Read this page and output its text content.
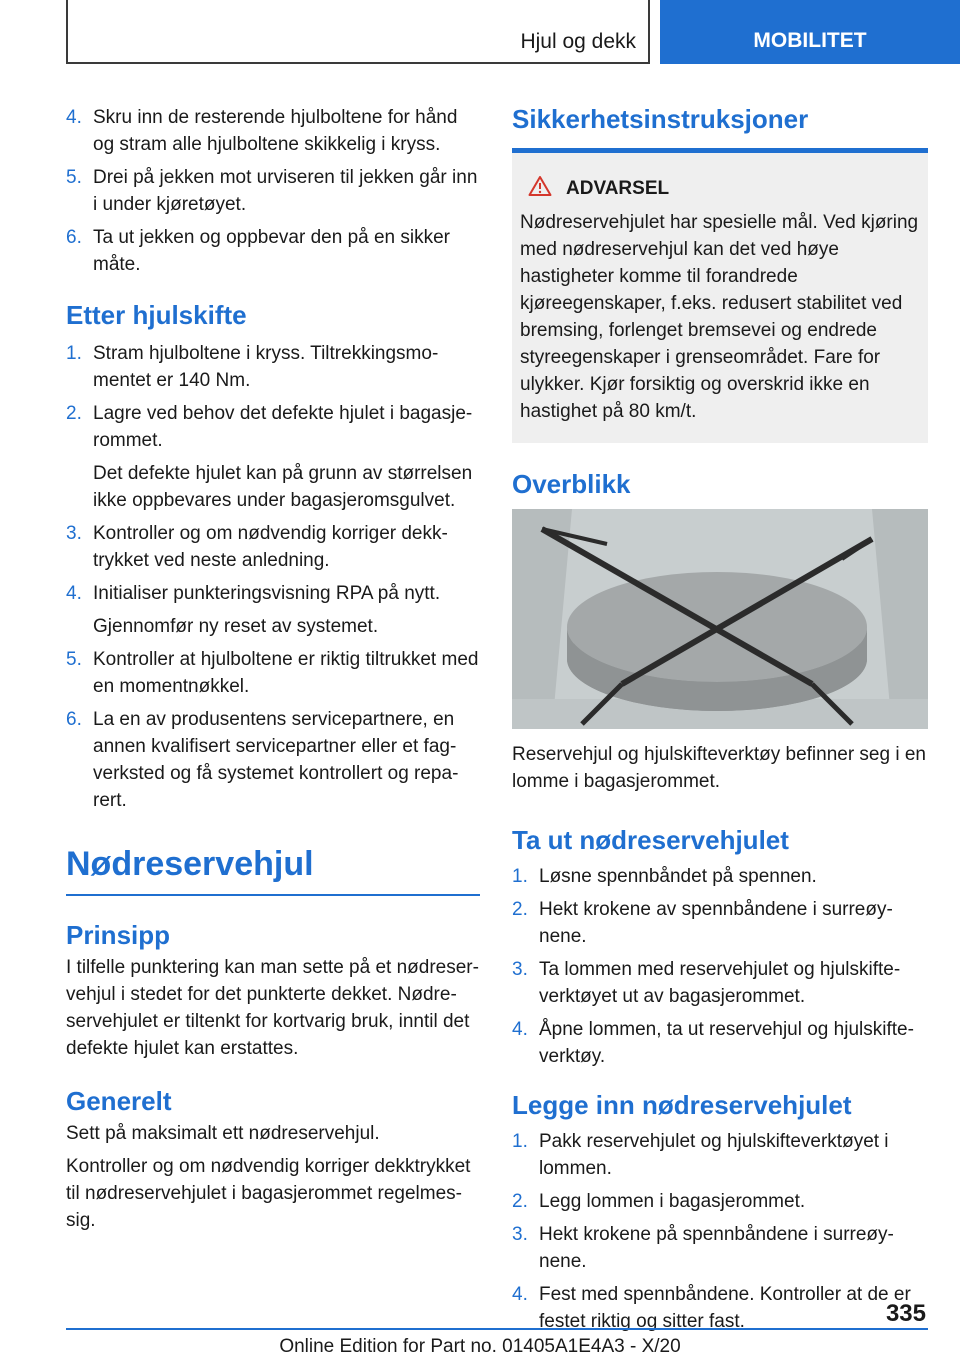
Hjul og dekk	MOBILITET
4. Skru inn de resterende hjulboltene for hånd og stram alle hjulboltene skikkelig i kryss.
5. Drei på jekken mot urviseren til jekken går inn i under kjøretøyet.
6. Ta ut jekken og oppbevar den på en sikker måte.
Etter hjulskifte
1. Stram hjulboltene i kryss. Tiltrekkingsmomentet er 140 Nm.
2. Lagre ved behov det defekte hjulet i bagasjerommet.

Det defekte hjulet kan på grunn av størrelsen ikke oppbevares under bagasjeromsgulvet.

3. Kontroller og om nødvendig korriger dekktrykket ved neste anledning.
4. Initialiser punkteringsvisning RPA på nytt.

Gjennomfør ny reset av systemet.

5. Kontroller at hjulboltene er riktig tiltrukket med en momentnøkkel.
6. La en av produsentens servicepartnere, en annen kvalifisert servicepartner eller et fagverksted og få systemet kontrollert og reparert.
Nødreservehjul
Prinsipp

I tilfelle punktering kan man sette på et nødreservehjul i stedet for det punkterte dekket. Nødreservehjulet er tiltenkt for kortvarig bruk, inntil det defekte hjulet kan erstattes.

Generelt

Sett på maksimalt ett nødreservehjul.

Kontroller og om nødvendig korriger dekktrykket til nødreservehjulet i bagasjerommet regelmessig.

Sikkerhetsinstruksjoner
ADVARSEL

Nødreservehjulet har spesielle mål. Ved kjøring med nødreservehjul kan det ved høye hastigheter komme til forandrede kjøreegenskaper, f.eks. redusert stabilitet ved bremsing, forlenget bremsevei og endrede styreegenskaper i grenseområdet. Fare for ulykker. Kjør forsiktig og overskrid ikke en hastighet på 80 km/t.

Overblikk

Reservehjul og hjulskifteverktøy befinner seg i en lomme i bagasjerommet.

Ta ut nødreservehjulet
1. Løsne spennbåndet på spennen.
2. Hekt krokene av spennbåndene i surreøynene.
3. Ta lommen med reservehjulet og hjulskifteverktøyet ut av bagasjerommet.
4. Åpne lommen, ta ut reservehjul og hjulskifteverktøy.
Legge inn nødreservehjulet
1. Pakk reservehjulet og hjulskifteverktøyet i lommen.
2. Legg lommen i bagasjerommet.
3. Hekt krokene på spennbåndene i surreøynene.
4. Fest med spennbåndene. Kontroller at de er festet riktig og sitter fast.	335
Online Edition for Part no. 01405A1E4A3 - X/20
